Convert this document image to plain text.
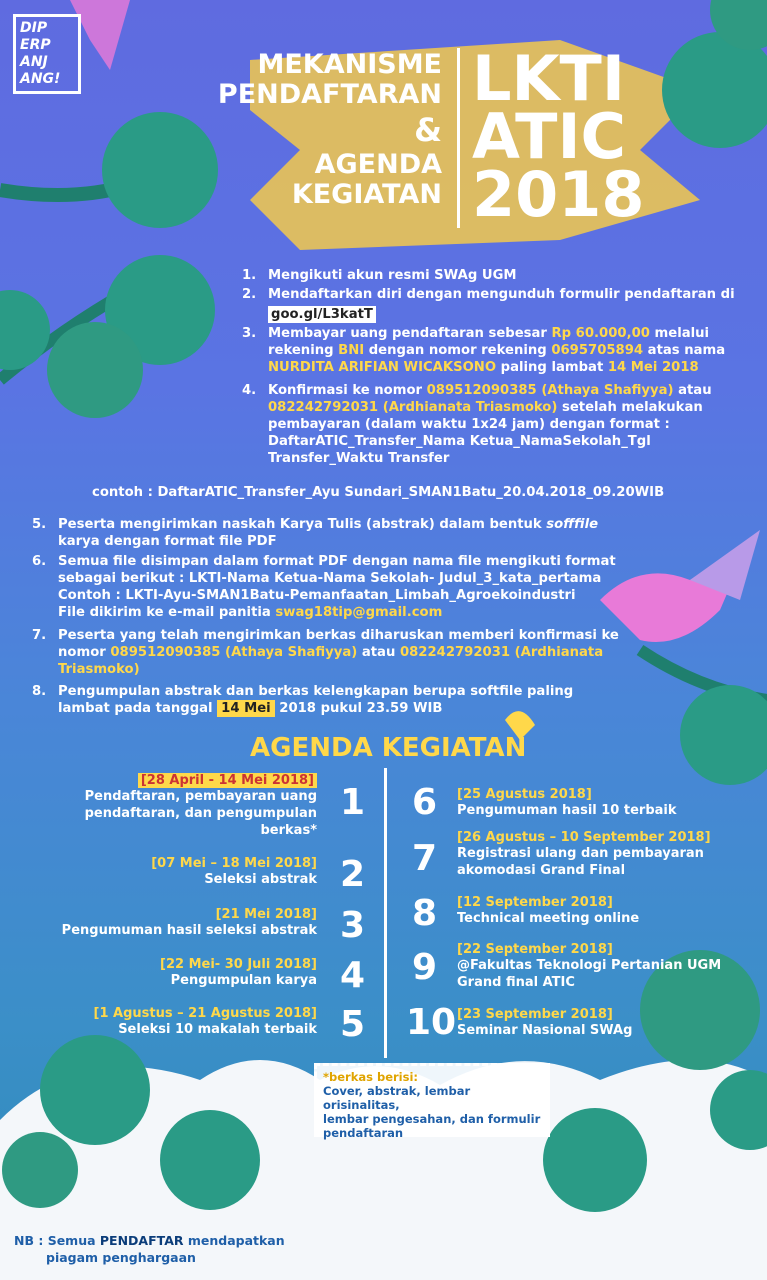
DIP
ERP
ANJ
ANG!	MEKANISME
PENDAFTARAN
&
AGENDA
KEGIATAN
LKTI
ATIC
2018
1. Mengikuti akun resmi SWAg UGM
2. Mendaftarkan diri dengan mengunduh formulir pendaftaran di
goo.gl/L3katT
3. Membayar uang pendaftaran sebesar Rp 60.000,00 melalui
rekening BNI dengan nomor rekening 0695705894 atas nama
NURDITA ARIFIAN WICAKSONO paling lambat 14 Mei 2018
4. Konfirmasi ke nomor 089512090385 (Athaya Shafiyya) atau
082242792031 (Ardhianata Triasmoko) setelah melakukan
pembayaran (dalam waktu 1x24 jam) dengan format :
DaftarATIC_Transfer_Nama Ketua_NamaSekolah_Tgl
Transfer_Waktu Transfer
contoh : DaftarATIC_Transfer_Ayu Sundari_SMAN1Batu_20.04.2018_09.20WIB
5. Peserta mengirimkan naskah Karya Tulis (abstrak) dalam bentuk sofffile
karya dengan format file PDF
6. Semua file disimpan dalam format PDF dengan nama file mengikuti format
sebagai berikut : LKTI-Nama Ketua-Nama Sekolah- Judul_3_kata_pertama
Contoh : LKTI-Ayu-SMAN1Batu-Pemanfaatan_Limbah_Agroekoindustri
File dikirim ke e-mail panitia swag18tip@gmail.com
7. Peserta yang telah mengirimkan berkas diharuskan memberi konfirmasi ke
nomor 089512090385 (Athaya Shafiyya) atau 082242792031 (Ardhianata
Triasmoko)
8. Pengumpulan abstrak dan berkas kelengkapan berupa softfile paling
lambat pada tanggal 14 Mei 2018 pukul 23.59 WIB
AGENDA KEGIATAN
[28 April - 14 Mei 2018]
Pendaftaran, pembayaran uang
pendaftaran, dan pengumpulan
berkas*
1
[07 Mei – 18 Mei 2018]
Seleksi abstrak 2
[21 Mei 2018]
Pengumuman hasil seleksi abstrak 3
[22 Mei- 30 Juli 2018]
Pengumpulan karya 4
[1 Agustus – 21 Agustus 2018]
Seleksi 10 makalah terbaik 5
6 [25 Agustus 2018]
Pengumuman hasil 10 terbaik
7
[26 Agustus – 10 September 2018]
Registrasi ulang dan pembayaran
akomodasi Grand Final
8 [12 September 2018]
Technical meeting online
9 [22 September 2018]
@Fakultas Teknologi Pertanian UGM
Grand final ATIC
10 [23 September 2018]
Seminar Nasional SWAg
*berkas berisi:
Cover, abstrak, lembar orisinalitas,
lembar pengesahan, dan formulir
pendaftaran
NB : Semua PENDAFTAR mendapatkan
piagam penghargaan
